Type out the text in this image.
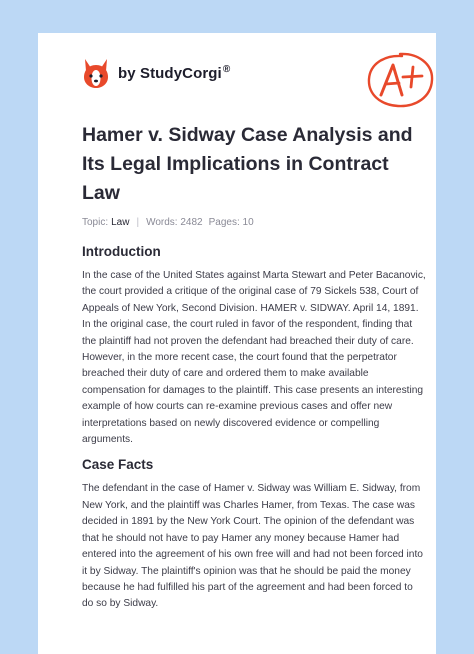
by StudyCorgi®
Hamer v. Sidway Case Analysis and Its Legal Implications in Contract Law
Topic: Law | Words: 2482 Pages: 10
Introduction

In the case of the United States against Marta Stewart and Peter Bacanovic, the court provided a critique of the original case of 79 Sickels 538, Court of Appeals of New York, Second Division. HAMER v. SIDWAY. April 14, 1891. In the original case, the court ruled in favor of the respondent, finding that the plaintiff had not proven the defendant had breached their duty of care. However, in the more recent case, the court found that the perpetrator breached their duty of care and ordered them to make available compensation for damages to the plaintiff. This case presents an interesting example of how courts can re-examine previous cases and offer new interpretations based on newly discovered evidence or compelling arguments.

Case Facts

The defendant in the case of Hamer v. Sidway was William E. Sidway, from New York, and the plaintiff was Charles Hamer, from Texas. The case was decided in 1891 by the New York Court. The opinion of the defendant was that he should not have to pay Hamer any money because Hamer had entered into the agreement of his own free will and had not been forced into it by Sidway. The plaintiff's opinion was that he should be paid the money because he had fulfilled his part of the agreement and had been forced to do so by Sidway.
